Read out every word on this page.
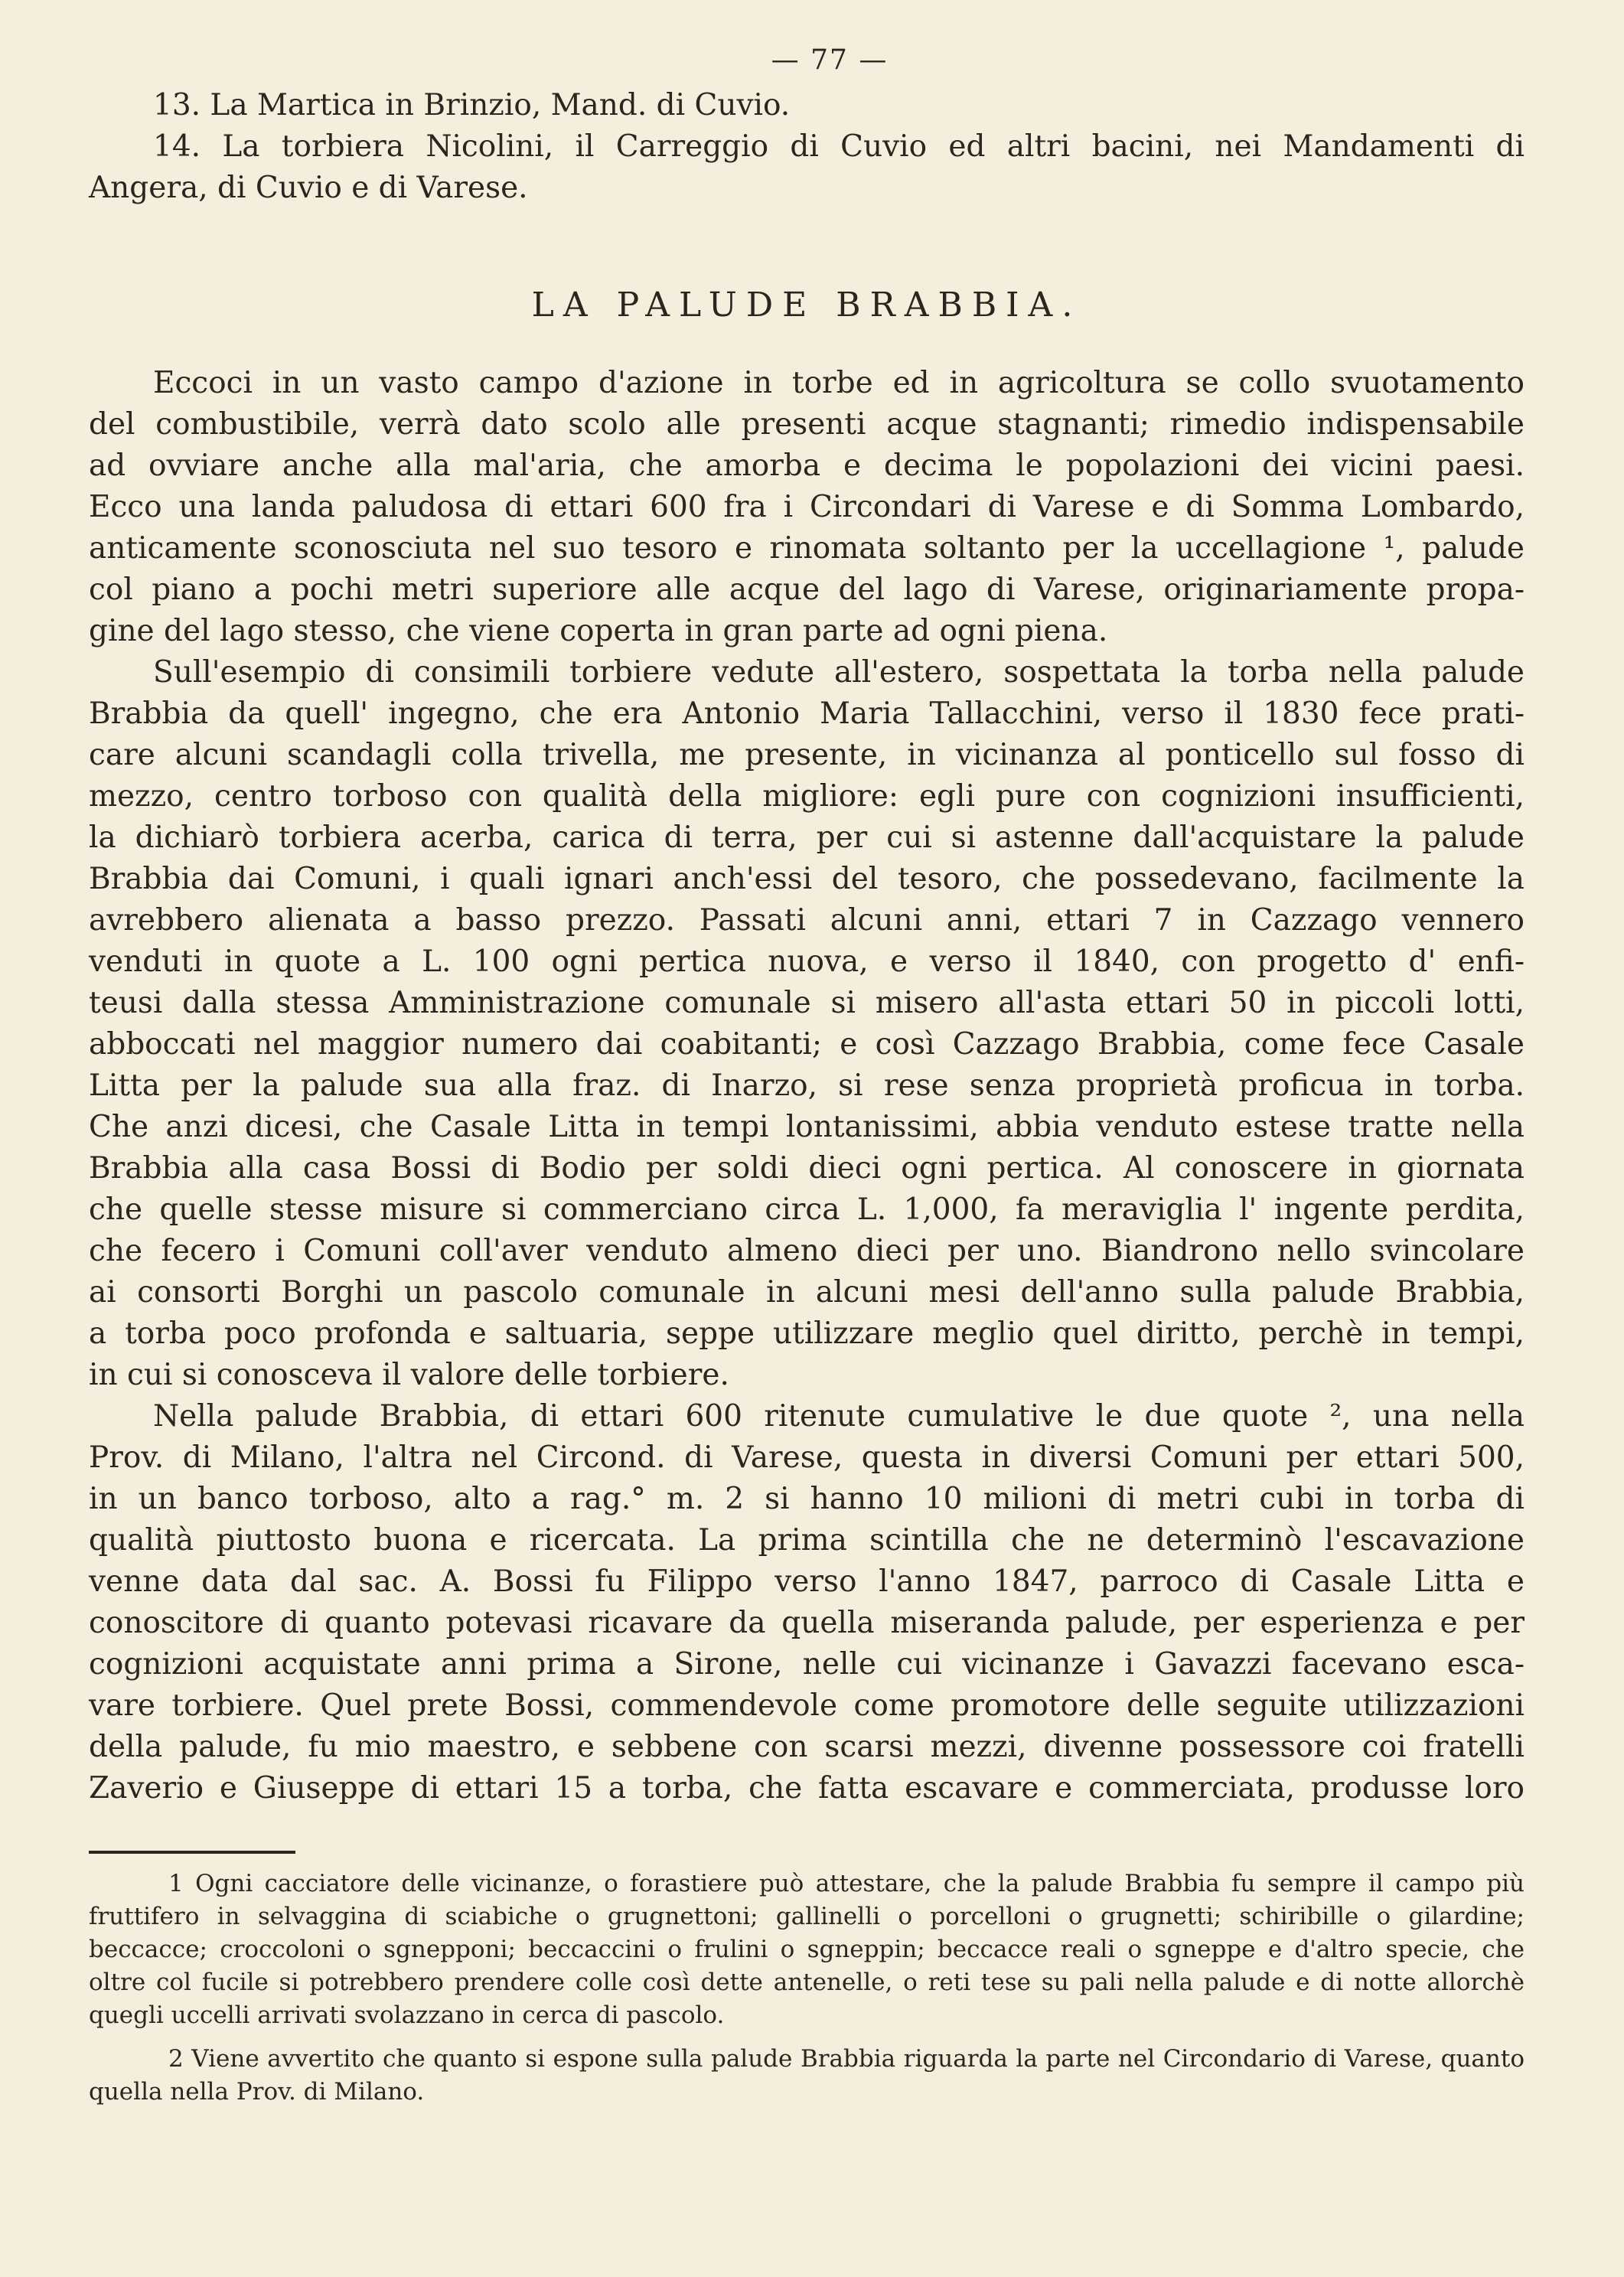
— 77 —
13. La Martica in Brinzio, Mand. di Cuvio.
14. La torbiera Nicolini, il Carreggio di Cuvio ed altri bacini, nei Mandamenti di
Angera, di Cuvio e di Varese.
LA PALUDE BRABBIA.
Eccoci in un vasto campo d'azione in torbe ed in agricoltura se collo svuotamento
del combustibile, verrà dato scolo alle presenti acque stagnanti; rimedio indispensabile
ad ovviare anche alla mal'aria, che amorba e decima le popolazioni dei vicini paesi.
Ecco una landa paludosa di ettari 600 fra i Circondari di Varese e di Somma Lombardo,
anticamente sconosciuta nel suo tesoro e rinomata soltanto per la uccellagione ¹, palude
col piano a pochi metri superiore alle acque del lago di Varese, originariamente propa-
gine del lago stesso, che viene coperta in gran parte ad ogni piena.
Sull'esempio di consimili torbiere vedute all'estero, sospettata la torba nella palude
Brabbia da quell' ingegno, che era Antonio Maria Tallacchini, verso il 1830 fece prati-
care alcuni scandagli colla trivella, me presente, in vicinanza al ponticello sul fosso di
mezzo, centro torboso con qualità della migliore: egli pure con cognizioni insufficienti,
la dichiarò torbiera acerba, carica di terra, per cui si astenne dall'acquistare la palude
Brabbia dai Comuni, i quali ignari anch'essi del tesoro, che possedevano, facilmente la
avrebbero alienata a basso prezzo. Passati alcuni anni, ettari 7 in Cazzago vennero
venduti in quote a L. 100 ogni pertica nuova, e verso il 1840, con progetto d' enfi-
teusi dalla stessa Amministrazione comunale si misero all'asta ettari 50 in piccoli lotti,
abboccati nel maggior numero dai coabitanti; e così Cazzago Brabbia, come fece Casale
Litta per la palude sua alla fraz. di Inarzo, si rese senza proprietà proficua in torba.
Che anzi dicesi, che Casale Litta in tempi lontanissimi, abbia venduto estese tratte nella
Brabbia alla casa Bossi di Bodio per soldi dieci ogni pertica. Al conoscere in giornata
che quelle stesse misure si commerciano circa L. 1,000, fa meraviglia l' ingente perdita,
che fecero i Comuni coll'aver venduto almeno dieci per uno. Biandrono nello svincolare
ai consorti Borghi un pascolo comunale in alcuni mesi dell'anno sulla palude Brabbia,
a torba poco profonda e saltuaria, seppe utilizzare meglio quel diritto, perchè in tempi,
in cui si conosceva il valore delle torbiere.
Nella palude Brabbia, di ettari 600 ritenute cumulative le due quote ², una nella
Prov. di Milano, l'altra nel Circond. di Varese, questa in diversi Comuni per ettari 500,
in un banco torboso, alto a rag.° m. 2 si hanno 10 milioni di metri cubi in torba di
qualità piuttosto buona e ricercata. La prima scintilla che ne determinò l'escavazione
venne data dal sac. A. Bossi fu Filippo verso l'anno 1847, parroco di Casale Litta e
conoscitore di quanto potevasi ricavare da quella miseranda palude, per esperienza e per
cognizioni acquistate anni prima a Sirone, nelle cui vicinanze i Gavazzi facevano esca-
vare torbiere. Quel prete Bossi, commendevole come promotore delle seguite utilizzazioni
della palude, fu mio maestro, e sebbene con scarsi mezzi, divenne possessore coi fratelli
Zaverio e Giuseppe di ettari 15 a torba, che fatta escavare e commerciata, produsse loro
1 Ogni cacciatore delle vicinanze, o forastiere può attestare, che la palude Brabbia fu sempre il campo più
fruttifero in selvaggina di sciabiche o grugnettoni; gallinelli o porcelloni o grugnetti; schiribille o gilardine;
beccacce; croccoloni o sgnepponi; beccaccini o frulini o sgneppin; beccacce reali o sgneppe e d'altro specie, che
oltre col fucile si potrebbero prendere colle così dette antenelle, o reti tese su pali nella palude e di notte allorchè
quegli uccelli arrivati svolazzano in cerca di pascolo.
2 Viene avvertito che quanto si espone sulla palude Brabbia riguarda la parte nel Circondario di Varese, quanto
quella nella Prov. di Milano.
